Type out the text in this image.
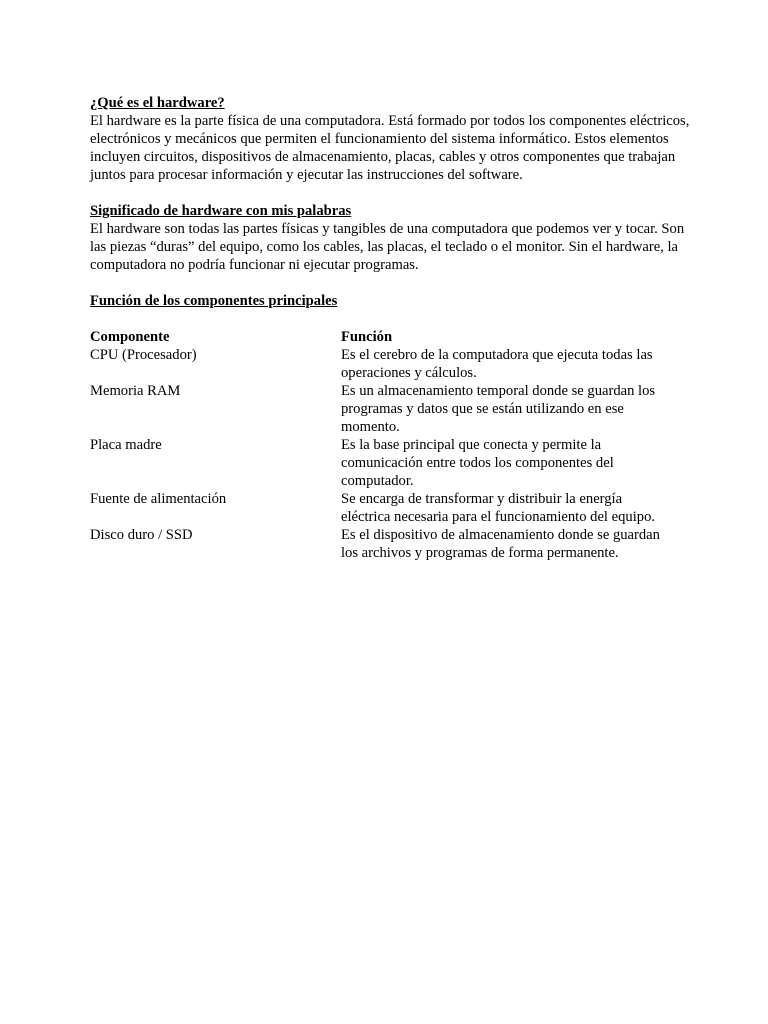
¿Qué es el hardware?

El hardware es la parte física de una computadora. Está formado por todos los componentes eléctricos, electrónicos y mecánicos que permiten el funcionamiento del sistema informático. Estos elementos incluyen circuitos, dispositivos de almacenamiento, placas, cables y otros componentes que trabajan juntos para procesar información y ejecutar las instrucciones del software.

Significado de hardware con mis palabras

El hardware son todas las partes físicas y tangibles de una computadora que podemos ver y tocar. Son las piezas “duras” del equipo, como los cables, las placas, el teclado o el monitor. Sin el hardware, la computadora no podría funcionar ni ejecutar programas.

Función de los componentes principales

Componente	Función
CPU (Procesador)	Es el cerebro de la computadora que ejecuta todas las operaciones y cálculos.
Memoria RAM	Es un almacenamiento temporal donde se guardan los programas y datos que se están utilizando en ese momento.
Placa madre	Es la base principal que conecta y permite la comunicación entre todos los componentes del computador.
Fuente de alimentación	Se encarga de transformar y distribuir la energía eléctrica necesaria para el funcionamiento del equipo.
Disco duro / SSD	Es el dispositivo de almacenamiento donde se guardan los archivos y programas de forma permanente.
